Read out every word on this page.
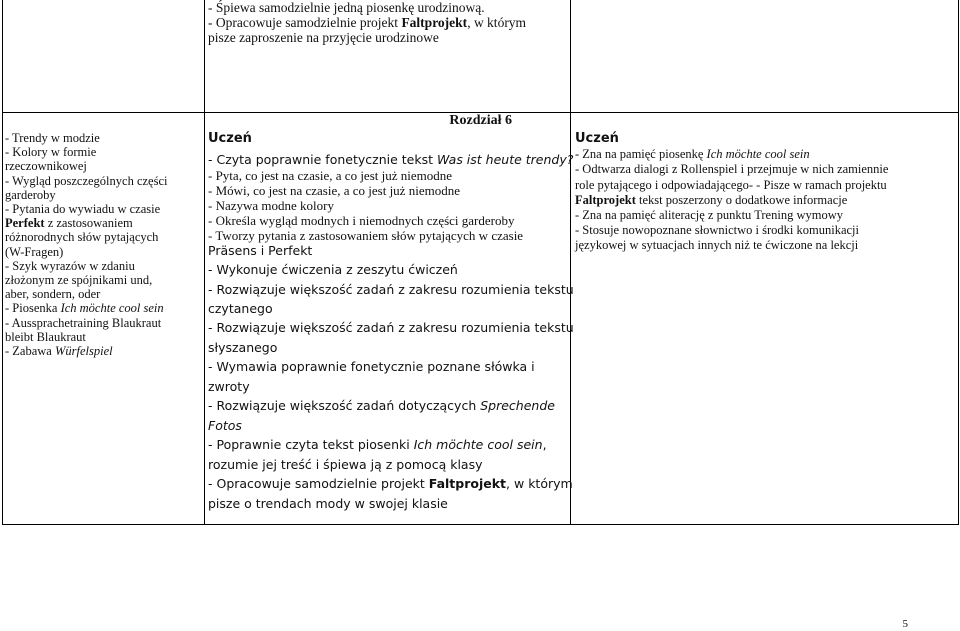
- Śpiewa samodzielnie jedną piosenkę urodzinową.
- Opracowuje samodzielnie projekt Faltprojekt, w którym
pisze zaproszenie na przyjęcie urodzinowe
- Trendy w modzie
- Kolory w formie
rzeczownikowej
- Wygląd poszczególnych części
garderoby
- Pytania do wywiadu w czasie
Perfekt z zastosowaniem
różnorodnych słów pytających
(W-Fragen)
- Szyk wyrazów w zdaniu
złożonym ze spójnikami und,
aber, sondern, oder
- Piosenka Ich möchte cool sein
- Aussprachetraining Blaukraut
bleibt Blaukraut
- Zabawa Würfelspiel
Rozdział 6
Uczeń
- Czyta poprawnie fonetycznie tekst Was ist heute trendy?
- Pyta, co jest na czasie, a co jest już niemodne
- Mówi, co jest na czasie, a co jest już niemodne
- Nazywa modne kolory
- Określa wygląd modnych i niemodnych części garderoby
- Tworzy pytania z zastosowaniem słów pytających w czasie
Präsens i Perfekt
- Wykonuje ćwiczenia z zeszytu ćwiczeń
- Rozwiązuje większość zadań z zakresu rozumienia tekstu
czytanego
- Rozwiązuje większość zadań z zakresu rozumienia tekstu
słyszanego
- Wymawia poprawnie fonetycznie poznane słówka i
zwroty
- Rozwiązuje większość zadań dotyczących Sprechende
Fotos
- Poprawnie czyta tekst piosenki Ich möchte cool sein,
rozumie jej treść i śpiewa ją z pomocą klasy
- Opracowuje samodzielnie projekt Faltprojekt, w którym
pisze o trendach mody w swojej klasie
Uczeń
- Zna na pamięć piosenkę Ich möchte cool sein
- Odtwarza dialogi z Rollenspiel i przejmuje w nich zamiennie
role pytającego i odpowiadającego- - Pisze w ramach projektu
Faltprojekt tekst poszerzony o dodatkowe informacje
- Zna na pamięć aliterację z punktu Trening wymowy
- Stosuje nowopoznane słownictwo i środki komunikacji
językowej w sytuacjach innych niż te ćwiczone na lekcji
5
